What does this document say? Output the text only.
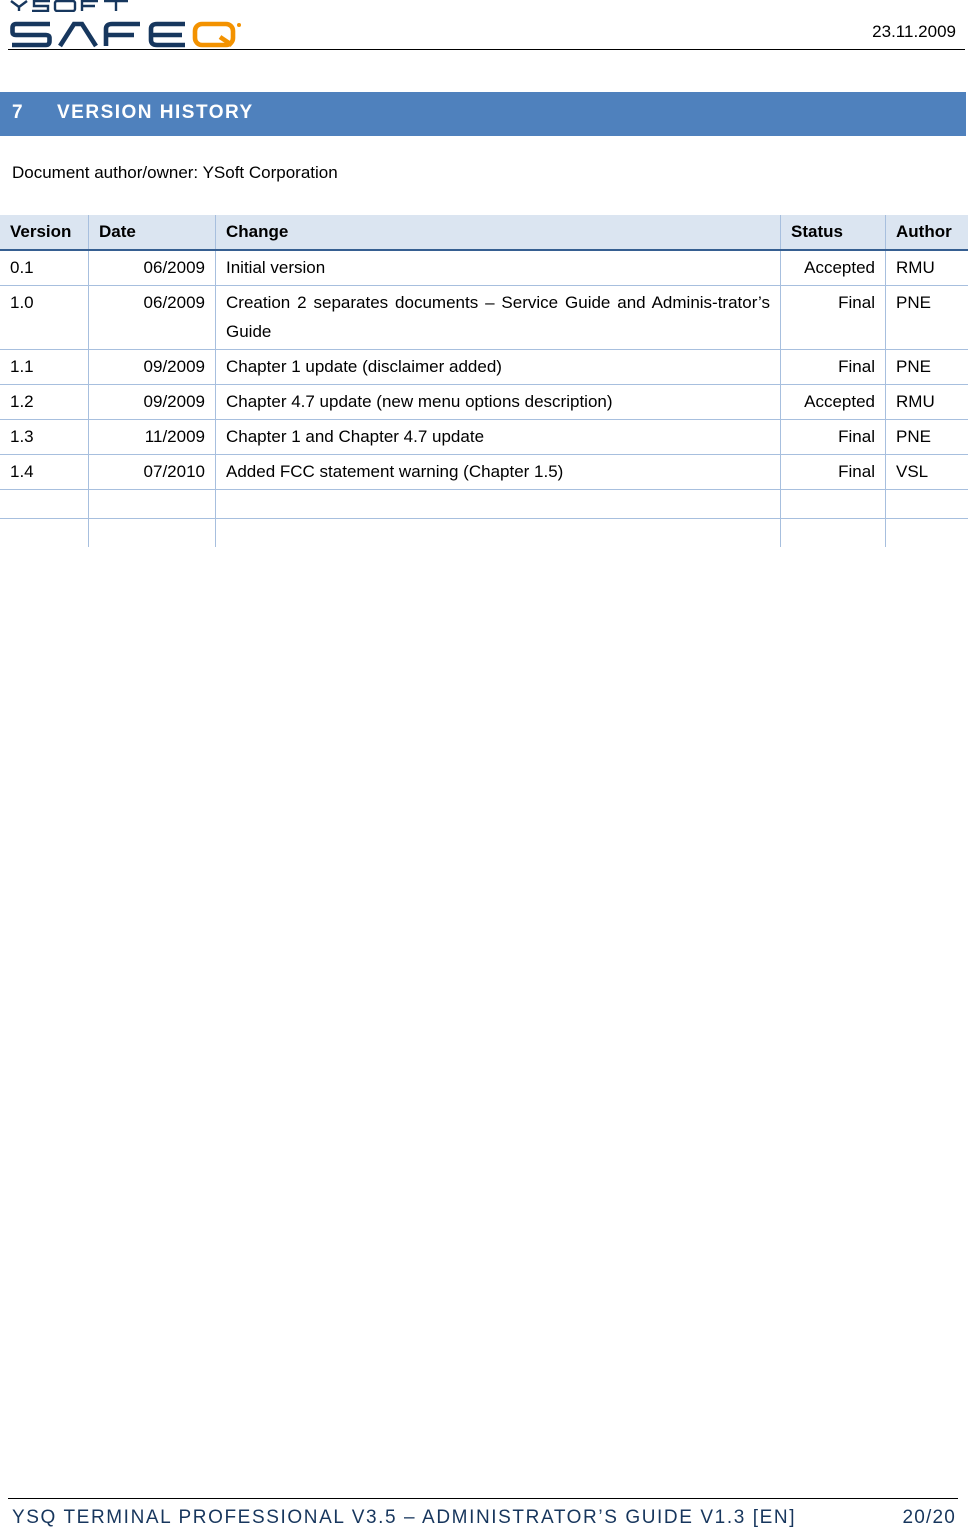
23.11.2009
7 VERSION HISTORY
Document author/owner: YSoft Corporation
Version	Date	Change	Status	Author
0.1	06/2009	Initial version	Accepted	RMU
1.0	06/2009	Creation 2 separates documents – Service Guide and Adminis-trator’s Guide	Final	PNE
1.1	09/2009	Chapter 1 update (disclaimer added)	Final	PNE
1.2	09/2009	Chapter 4.7 update (new menu options description)	Accepted	RMU
1.3	11/2009	Chapter 1 and Chapter 4.7 update	Final	PNE
1.4	07/2010	Added FCC statement warning (Chapter 1.5)	Final	VSL

YSQ TERMINAL PROFESSIONAL V3.5 – ADMINISTRATOR’S GUIDE V1.3 [EN]	20/20
